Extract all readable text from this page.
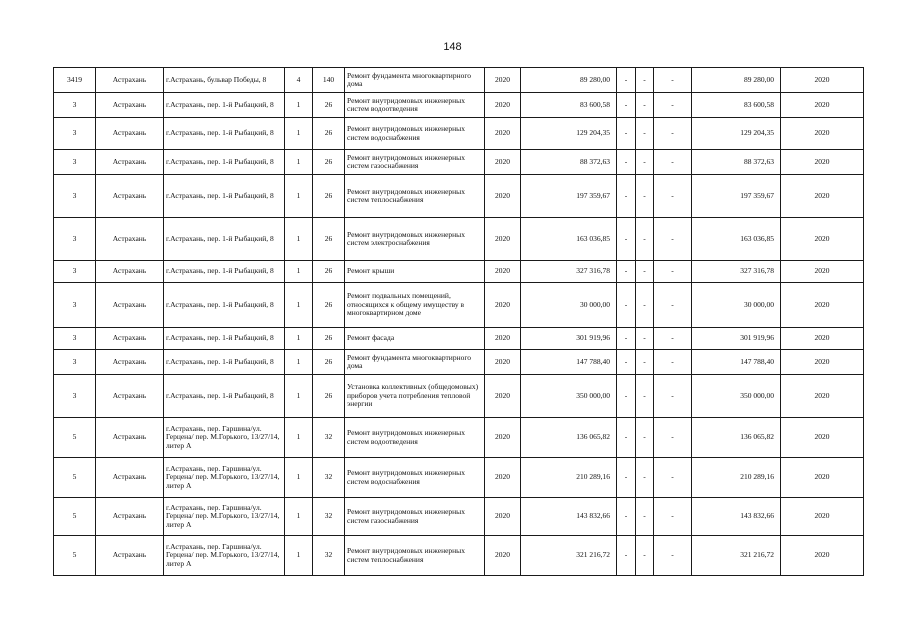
148
3419	Астрахань	г.Астрахань, бульвар Победы, 8	4	140	Ремонт фундамента многоквартирного дома	2020	89 280,00	-	-	-	89 280,00	2020
3	Астрахань	г.Астрахань, пер. 1-й Рыбацкий, 8	1	26	Ремонт внутридомовых инженерных систем водоотведения	2020	83 600,58	-	-	-	83 600,58	2020
3	Астрахань	г.Астрахань, пер. 1-й Рыбацкий, 8	1	26	Ремонт внутридомовых инженерных систем водоснабжения	2020	129 204,35	-	-	-	129 204,35	2020
3	Астрахань	г.Астрахань, пер. 1-й Рыбацкий, 8	1	26	Ремонт внутридомовых инженерных систем газоснабжения	2020	88 372,63	-	-	-	88 372,63	2020
3	Астрахань	г.Астрахань, пер. 1-й Рыбацкий, 8	1	26	Ремонт внутридомовых инженерных систем теплоснабжения	2020	197 359,67	-	-	-	197 359,67	2020
3	Астрахань	г.Астрахань, пер. 1-й Рыбацкий, 8	1	26	Ремонт внутридомовых инженерных систем электроснабжения	2020	163 036,85	-	-	-	163 036,85	2020
3	Астрахань	г.Астрахань, пер. 1-й Рыбацкий, 8	1	26	Ремонт крыши	2020	327 316,78	-	-	-	327 316,78	2020
3	Астрахань	г.Астрахань, пер. 1-й Рыбацкий, 8	1	26	Ремонт подвальных помещений, относящихся к общему имуществу в многоквартирном доме	2020	30 000,00	-	-	-	30 000,00	2020
3	Астрахань	г.Астрахань, пер. 1-й Рыбацкий, 8	1	26	Ремонт фасада	2020	301 919,96	-	-	-	301 919,96	2020
3	Астрахань	г.Астрахань, пер. 1-й Рыбацкий, 8	1	26	Ремонт фундамента многоквартирного дома	2020	147 788,40	-	-	-	147 788,40	2020
3	Астрахань	г.Астрахань, пер. 1-й Рыбацкий, 8	1	26	Установка коллективных (общедомовых) приборов учета потребления тепловой энергии	2020	350 000,00	-	-	-	350 000,00	2020
5	Астрахань	г.Астрахань, пер. Гаршина/ул. Герцена/ пер. М.Горького, 13/27/14, литер А	1	32	Ремонт внутридомовых инженерных систем водоотведения	2020	136 065,82	-	-	-	136 065,82	2020
5	Астрахань	г.Астрахань, пер. Гаршина/ул. Герцена/ пер. М.Горького, 13/27/14, литер А	1	32	Ремонт внутридомовых инженерных систем водоснабжения	2020	210 289,16	-	-	-	210 289,16	2020
5	Астрахань	г.Астрахань, пер. Гаршина/ул. Герцена/ пер. М.Горького, 13/27/14, литер А	1	32	Ремонт внутридомовых инженерных систем газоснабжения	2020	143 832,66	-	-	-	143 832,66	2020
5	Астрахань	г.Астрахань, пер. Гаршина/ул. Герцена/ пер. М.Горького, 13/27/14, литер А	1	32	Ремонт внутридомовых инженерных систем теплоснабжения	2020	321 216,72	-	-	-	321 216,72	2020
